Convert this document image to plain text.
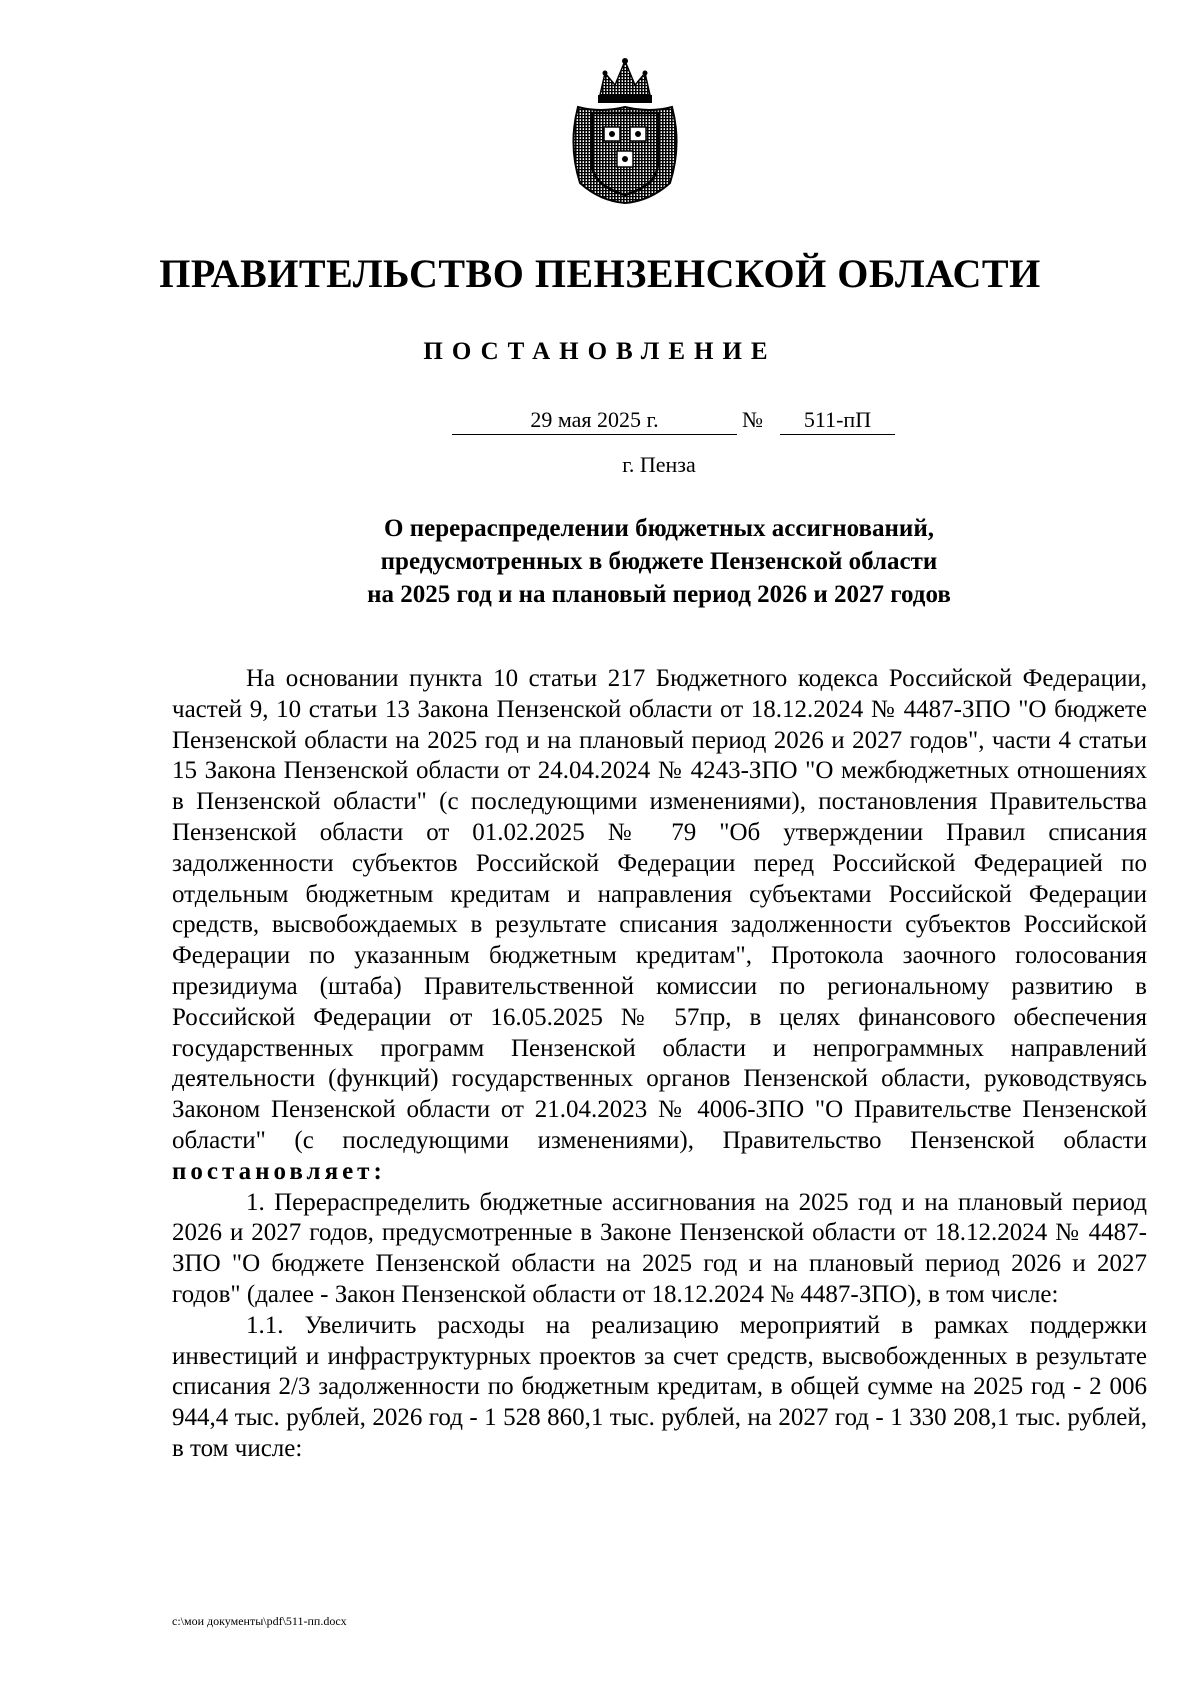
ПРАВИТЕЛЬСТВО ПЕНЗЕНСКОЙ ОБЛАСТИ
ПОСТАНОВЛЕНИЕ
29 мая 2025 г.	№	511-пП
г. Пенза
О перераспределении бюджетных ассигнований,
предусмотренных в бюджете Пензенской области
на 2025 год и на плановый период 2026 и 2027 годов

На основании пункта 10 статьи 217 Бюджетного кодекса Российской Федерации, частей 9, 10 статьи 13 Закона Пензенской области от 18.12.2024 № 4487-ЗПО "О бюджете Пензенской области на 2025 год и на плановый период 2026 и 2027 годов", части 4 статьи 15 Закона Пензенской области от 24.04.2024 № 4243-ЗПО "О межбюджетных отношениях в Пензенской области" (с последующими изменениями), постановления Правительства Пензенской области от 01.02.2025 № 79 "Об утверждении Правил списания задолженности субъектов Российской Федерации перед Российской Федерацией по отдельным бюджетным кредитам и направления субъектами Российской Федерации средств, высвобождаемых в результате списания задолженности субъектов Российской Федерации по указанным бюджетным кредитам", Протокола заочного голосования президиума (штаба) Правительственной комиссии по региональному развитию в Российской Федерации от 16.05.2025 № 57пр, в целях финансового обеспечения государственных программ Пензенской области и непрограммных направлений деятельности (функций) государственных органов Пензенской области, руководствуясь Законом Пензенской области от 21.04.2023 № 4006-ЗПО "О Правительстве Пензенской области" (с последующими изменениями), Правительство Пензенской области постановляет:

1. Перераспределить бюджетные ассигнования на 2025 год и на плановый период 2026 и 2027 годов, предусмотренные в Законе Пензенской области от 18.12.2024 № 4487-ЗПО "О бюджете Пензенской области на 2025 год и на плановый период 2026 и 2027 годов" (далее - Закон Пензенской области от 18.12.2024 № 4487-ЗПО), в том числе:

1.1. Увеличить расходы на реализацию мероприятий в рамках поддержки инвестиций и инфраструктурных проектов за счет средств, высвобожденных в результате списания 2/3 задолженности по бюджетным кредитам, в общей сумме на 2025 год - 2 006 944,4 тыс. рублей, 2026 год - 1 528 860,1 тыс. рублей, на 2027 год - 1 330 208,1 тыс. рублей, в том числе:

c:\мои документы\pdf\511-пп.docx
